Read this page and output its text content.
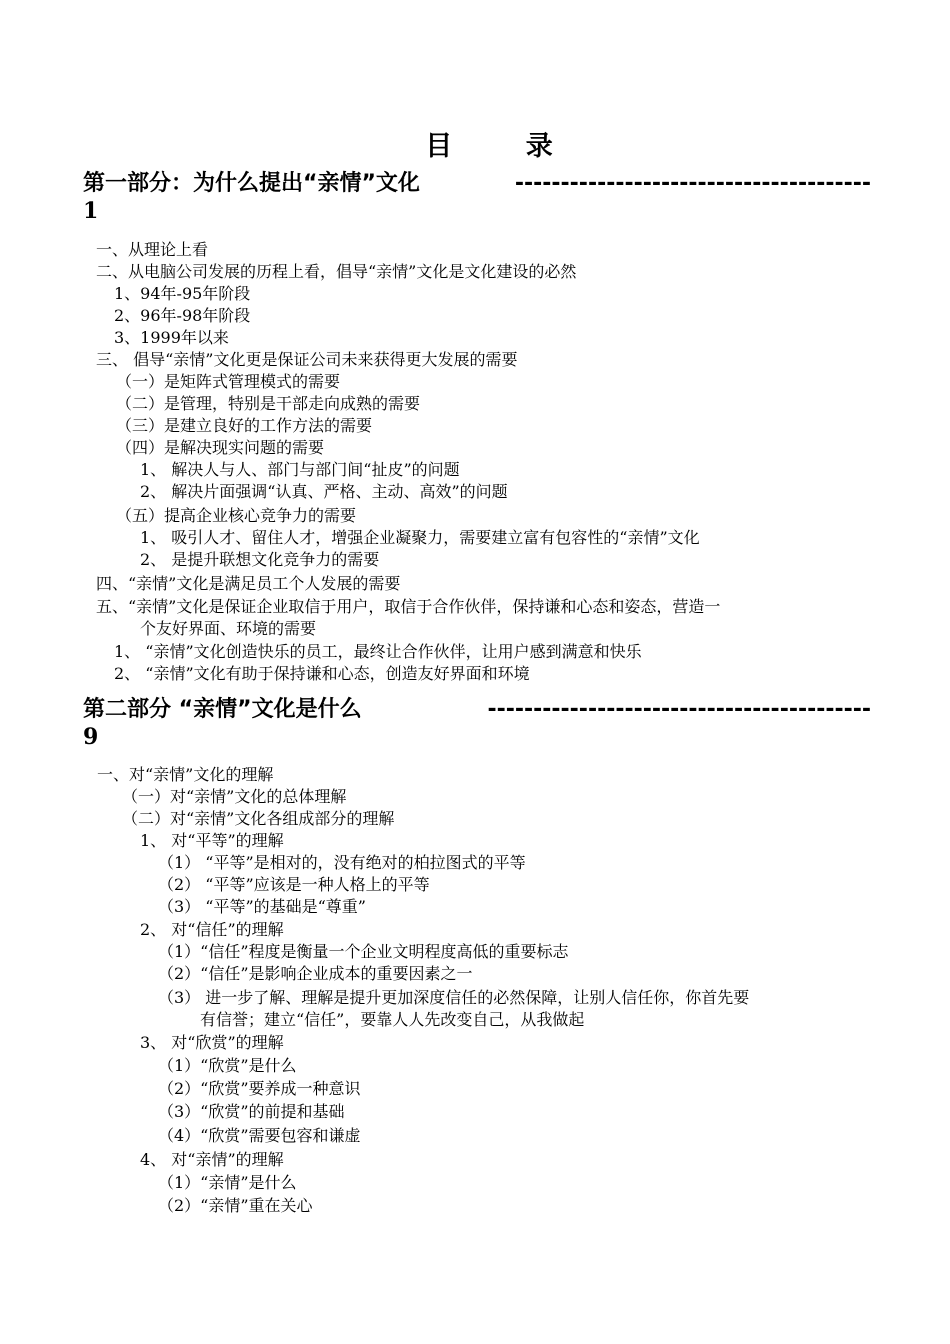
目 录
第一部分：为什么提出“亲情”文化	---------------------------------------
1
一、从理论上看
二、从电脑公司发展的历程上看，倡导“亲情”文化是文化建设的必然
1、94年-95年阶段
2、96年-98年阶段
3、1999年以来
三、 倡导“亲情”文化更是保证公司未来获得更大发展的需要
（一）是矩阵式管理模式的需要
（二）是管理，特别是干部走向成熟的需要
（三）是建立良好的工作方法的需要
（四）是解决现实问题的需要
1、 解决人与人、部门与部门间“扯皮”的问题
2、 解决片面强调“认真、严格、主动、高效”的问题
（五）提高企业核心竞争力的需要
1、 吸引人才、留住人才，增强企业凝聚力，需要建立富有包容性的“亲情”文化
2、 是提升联想文化竞争力的需要
四、“亲情”文化是满足员工个人发展的需要
五、“亲情”文化是保证企业取信于用户，取信于合作伙伴，保持谦和心态和姿态，营造一
个友好界面、环境的需要
1、 “亲情”文化创造快乐的员工，最终让合作伙伴，让用户感到满意和快乐
2、 “亲情”文化有助于保持谦和心态，创造友好界面和环境
第二部分 “亲情”文化是什么	------------------------------------------
9
一、对“亲情”文化的理解
（一）对“亲情”文化的总体理解
（二）对“亲情”文化各组成部分的理解
1、 对“平等”的理解
（1） “平等”是相对的，没有绝对的柏拉图式的平等
（2） “平等”应该是一种人格上的平等
（3） “平等”的基础是“尊重”
2、 对“信任”的理解
（1）“信任”程度是衡量一个企业文明程度高低的重要标志
（2）“信任”是影响企业成本的重要因素之一
（3） 进一步了解、理解是提升更加深度信任的必然保障，让别人信任你，你首先要
有信誉；建立“信任”，要靠人人先改变自己，从我做起
3、 对“欣赏”的理解
（1）“欣赏”是什么
（2）“欣赏”要养成一种意识
（3）“欣赏”的前提和基础
（4）“欣赏”需要包容和谦虚
4、 对“亲情”的理解
（1）“亲情”是什么
（2）“亲情”重在关心
